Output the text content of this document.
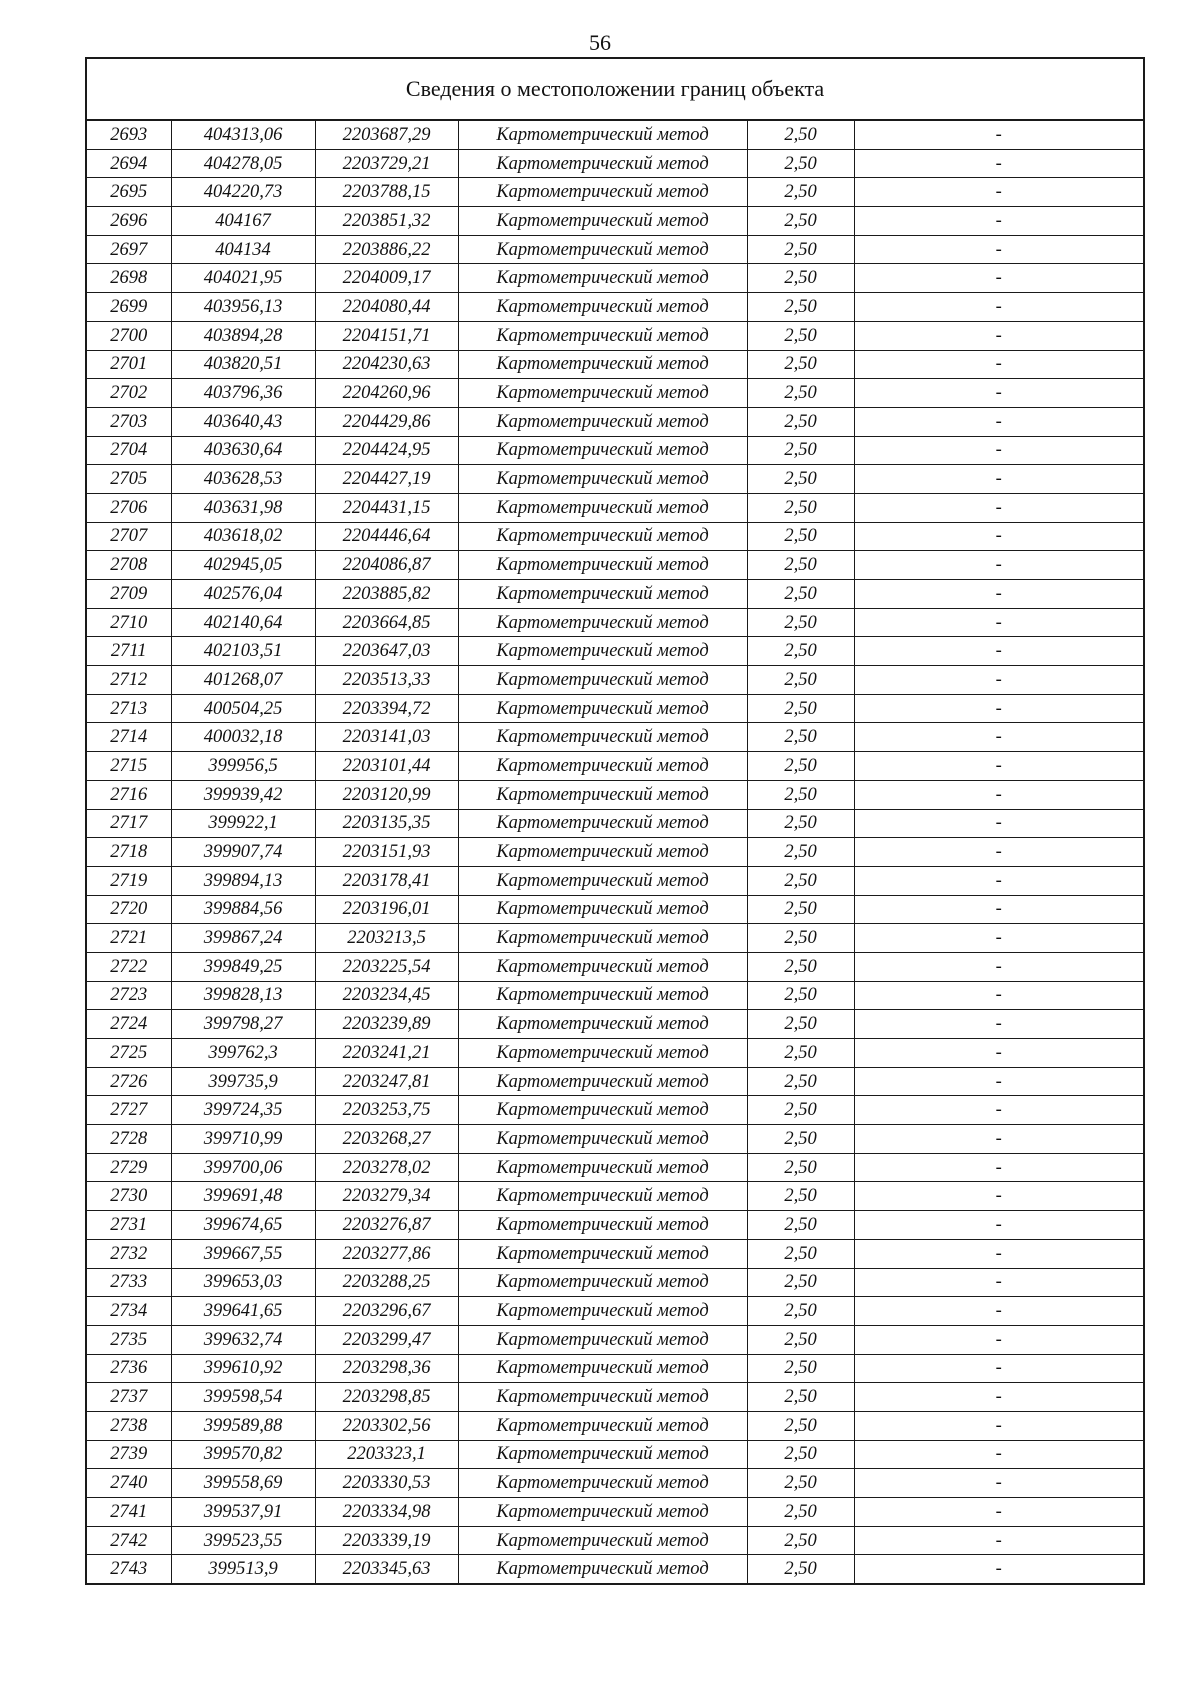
56
Сведения о местоположении границ объекта					
2693	404313,06	2203687,29	Картометрический метод	2,50	-
2694	404278,05	2203729,21	Картометрический метод	2,50	-
2695	404220,73	2203788,15	Картометрический метод	2,50	-
2696	404167	2203851,32	Картометрический метод	2,50	-
2697	404134	2203886,22	Картометрический метод	2,50	-
2698	404021,95	2204009,17	Картометрический метод	2,50	-
2699	403956,13	2204080,44	Картометрический метод	2,50	-
2700	403894,28	2204151,71	Картометрический метод	2,50	-
2701	403820,51	2204230,63	Картометрический метод	2,50	-
2702	403796,36	2204260,96	Картометрический метод	2,50	-
2703	403640,43	2204429,86	Картометрический метод	2,50	-
2704	403630,64	2204424,95	Картометрический метод	2,50	-
2705	403628,53	2204427,19	Картометрический метод	2,50	-
2706	403631,98	2204431,15	Картометрический метод	2,50	-
2707	403618,02	2204446,64	Картометрический метод	2,50	-
2708	402945,05	2204086,87	Картометрический метод	2,50	-
2709	402576,04	2203885,82	Картометрический метод	2,50	-
2710	402140,64	2203664,85	Картометрический метод	2,50	-
2711	402103,51	2203647,03	Картометрический метод	2,50	-
2712	401268,07	2203513,33	Картометрический метод	2,50	-
2713	400504,25	2203394,72	Картометрический метод	2,50	-
2714	400032,18	2203141,03	Картометрический метод	2,50	-
2715	399956,5	2203101,44	Картометрический метод	2,50	-
2716	399939,42	2203120,99	Картометрический метод	2,50	-
2717	399922,1	2203135,35	Картометрический метод	2,50	-
2718	399907,74	2203151,93	Картометрический метод	2,50	-
2719	399894,13	2203178,41	Картометрический метод	2,50	-
2720	399884,56	2203196,01	Картометрический метод	2,50	-
2721	399867,24	2203213,5	Картометрический метод	2,50	-
2722	399849,25	2203225,54	Картометрический метод	2,50	-
2723	399828,13	2203234,45	Картометрический метод	2,50	-
2724	399798,27	2203239,89	Картометрический метод	2,50	-
2725	399762,3	2203241,21	Картометрический метод	2,50	-
2726	399735,9	2203247,81	Картометрический метод	2,50	-
2727	399724,35	2203253,75	Картометрический метод	2,50	-
2728	399710,99	2203268,27	Картометрический метод	2,50	-
2729	399700,06	2203278,02	Картометрический метод	2,50	-
2730	399691,48	2203279,34	Картометрический метод	2,50	-
2731	399674,65	2203276,87	Картометрический метод	2,50	-
2732	399667,55	2203277,86	Картометрический метод	2,50	-
2733	399653,03	2203288,25	Картометрический метод	2,50	-
2734	399641,65	2203296,67	Картометрический метод	2,50	-
2735	399632,74	2203299,47	Картометрический метод	2,50	-
2736	399610,92	2203298,36	Картометрический метод	2,50	-
2737	399598,54	2203298,85	Картометрический метод	2,50	-
2738	399589,88	2203302,56	Картометрический метод	2,50	-
2739	399570,82	2203323,1	Картометрический метод	2,50	-
2740	399558,69	2203330,53	Картометрический метод	2,50	-
2741	399537,91	2203334,98	Картометрический метод	2,50	-
2742	399523,55	2203339,19	Картометрический метод	2,50	-
2743	399513,9	2203345,63	Картометрический метод	2,50	-
